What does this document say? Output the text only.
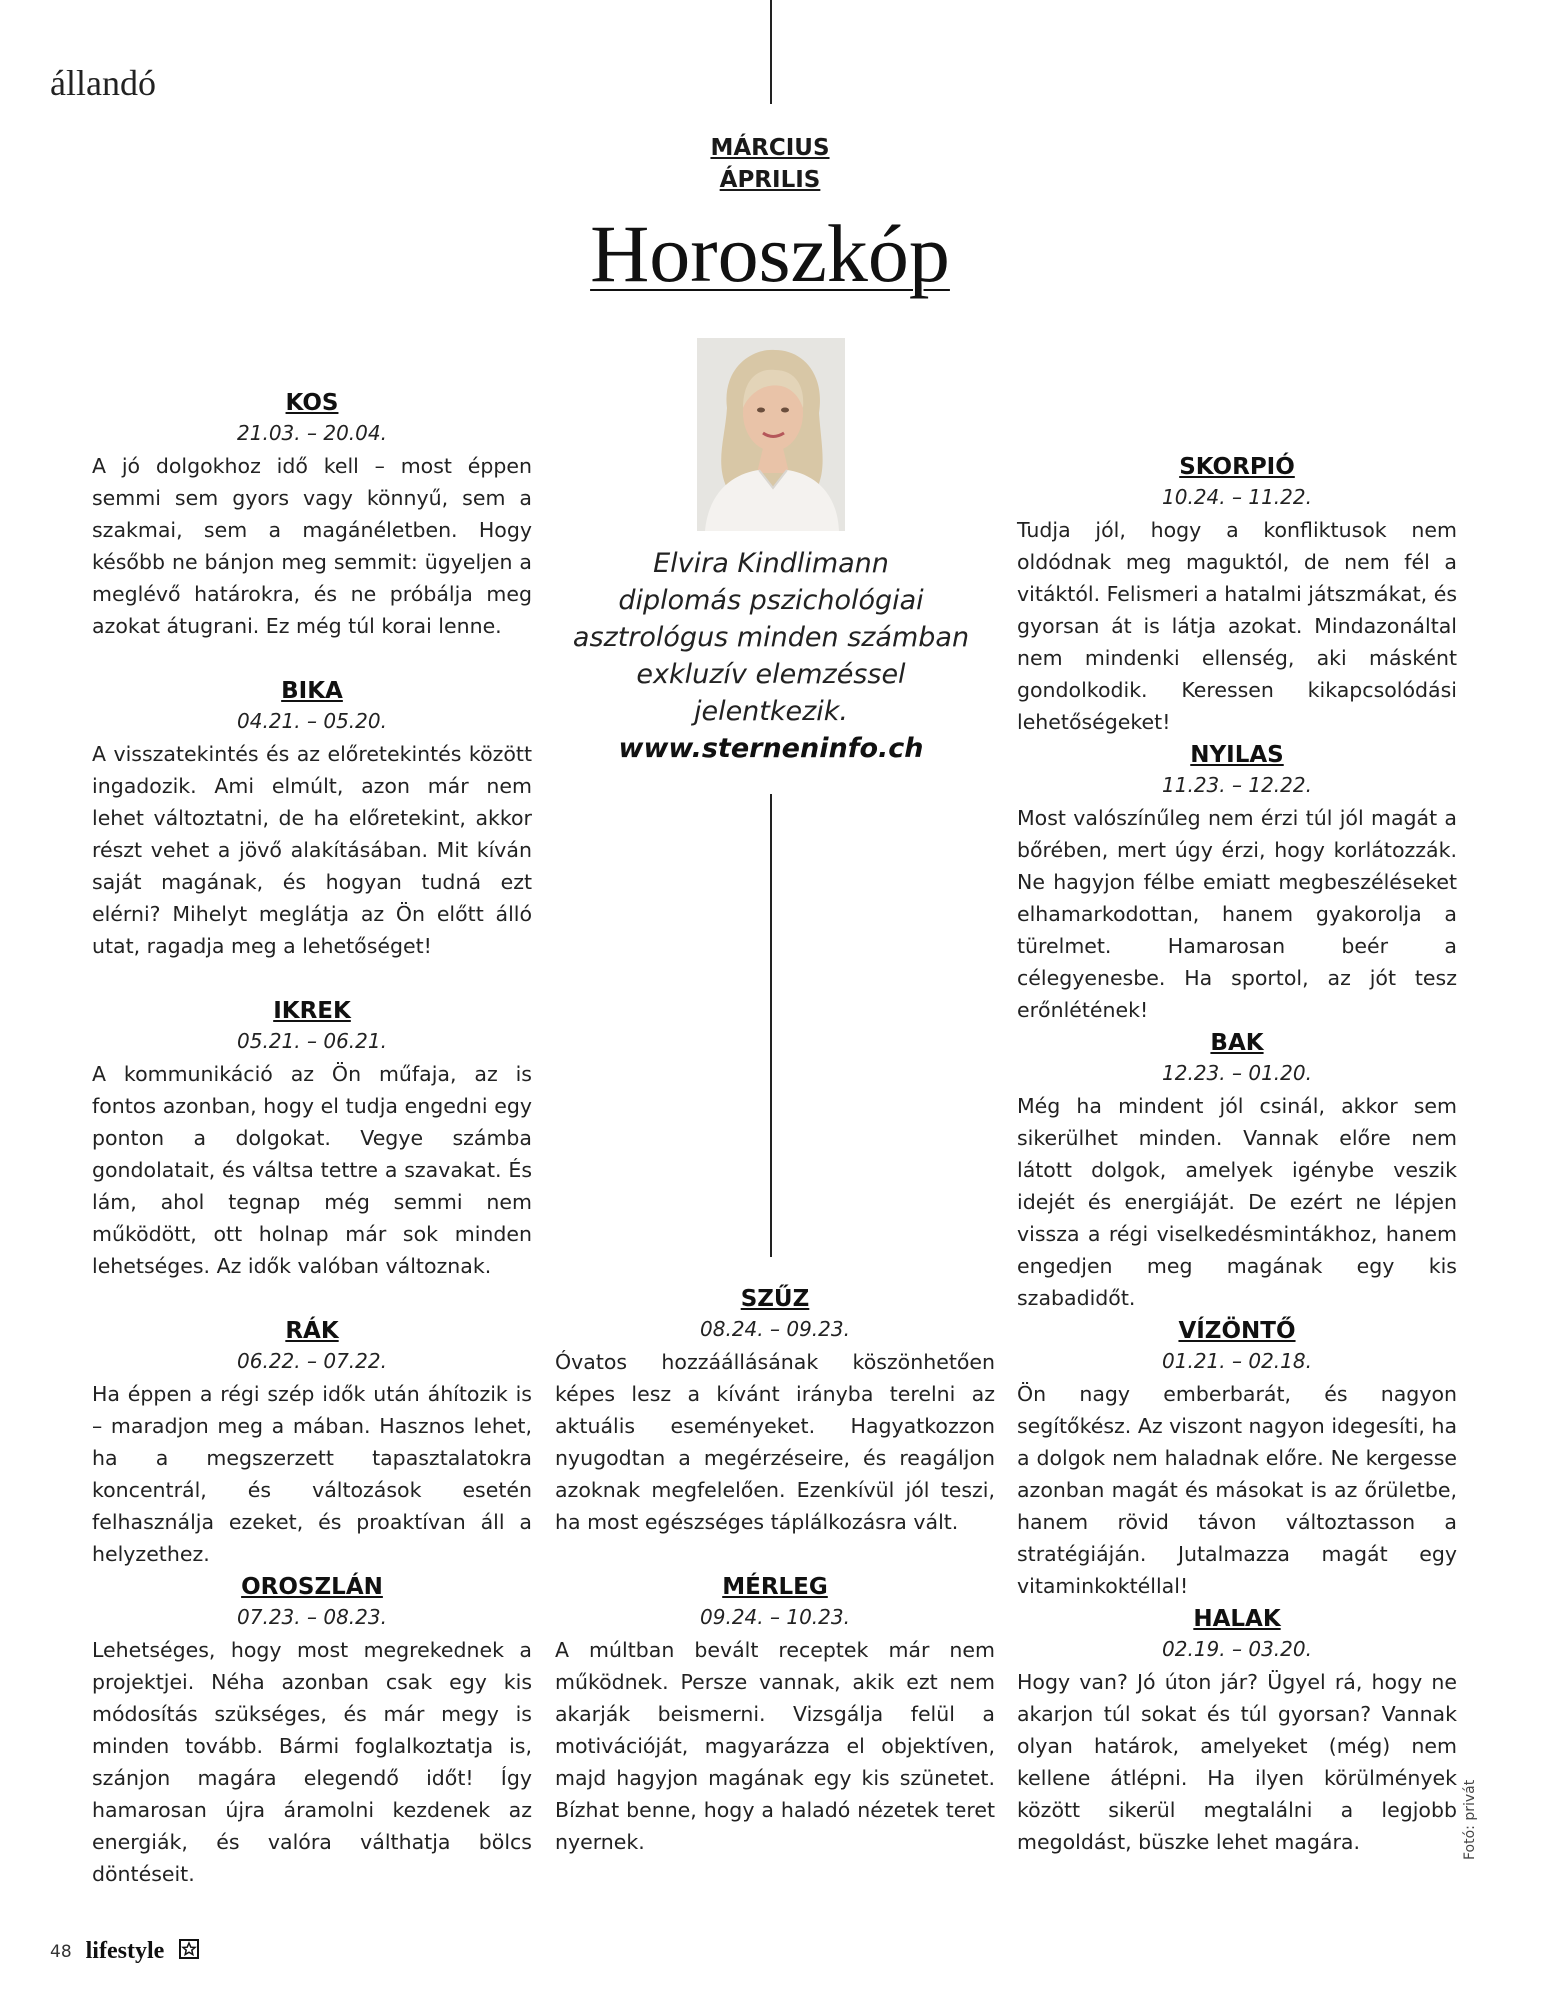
állandó
MÁRCIUS
ÁPRILIS
Horoszkóp
Elvira Kindlimann
diplomás pszichológiai
asztrológus minden számban
exkluzív elemzéssel
jelentkezik.
www.sterneninfo.ch
KOS
21.03. – 20.04.
A jó dolgokhoz idő kell – most éppen semmi sem gyors vagy könnyű, sem a szakmai, sem a magánéletben. Hogy később ne bánjon meg semmit: ügyeljen a meglévő határokra, és ne próbálja meg azokat átugrani. Ez még túl korai lenne.
BIKA
04.21. – 05.20.
A visszatekintés és az előretekintés között ingadozik. Ami elmúlt, azon már nem lehet változtatni, de ha előretekint, akkor részt vehet a jövő alakításában. Mit kíván saját magának, és hogyan tudná ezt elérni? Mihelyt meglátja az Ön előtt álló utat, ragadja meg a lehetőséget!
IKREK
05.21. – 06.21.
A kommunikáció az Ön műfaja, az is fontos azonban, hogy el tudja engedni egy ponton a dolgokat. Vegye számba gondolatait, és váltsa tettre a szavakat. És lám, ahol tegnap még semmi nem működött, ott holnap már sok minden lehetséges. Az idők valóban változnak.
RÁK
06.22. – 07.22.
Ha éppen a régi szép idők után áhítozik is – maradjon meg a mában. Hasznos lehet, ha a megszerzett tapasztalatokra koncentrál, és változások esetén felhasználja ezeket, és proaktívan áll a helyzethez.
OROSZLÁN
07.23. – 08.23.
Lehetséges, hogy most megrekednek a projektjei. Néha azonban csak egy kis módosítás szükséges, és már megy is minden tovább. Bármi foglalkoztatja is, szánjon magára elegendő időt! Így hamarosan újra áramolni kezdenek az energiák, és valóra válthatja bölcs döntéseit.
SZŰZ
08.24. – 09.23.
Óvatos hozzáállásának köszönhetően képes lesz a kívánt irányba terelni az aktuális eseményeket. Hagyatkozzon nyugodtan a megérzéseire, és reagáljon azoknak megfelelően. Ezenkívül jól teszi, ha most egészséges táplálkozásra vált.
MÉRLEG
09.24. – 10.23.
A múltban bevált receptek már nem működnek. Persze vannak, akik ezt nem akarják beismerni. Vizsgálja felül a motivációját, magyarázza el objektíven, majd hagyjon magának egy kis szünetet. Bízhat benne, hogy a haladó nézetek teret nyernek.
SKORPIÓ
10.24. – 11.22.
Tudja jól, hogy a konfliktusok nem oldódnak meg maguktól, de nem fél a vitáktól. Felismeri a hatalmi játszmákat, és gyorsan át is látja azokat. Mindazonáltal nem mindenki ellenség, aki másként gondolkodik. Keressen kikapcsolódási lehetőségeket!
NYILAS
11.23. – 12.22.
Most valószínűleg nem érzi túl jól magát a bőrében, mert úgy érzi, hogy korlátozzák. Ne hagyjon félbe emiatt megbeszéléseket elhamarkodottan, hanem gyakorolja a türelmet. Hamarosan beér a célegyenesbe. Ha sportol, az jót tesz erőnlétének!
BAK
12.23. – 01.20.
Még ha mindent jól csinál, akkor sem sikerülhet minden. Vannak előre nem látott dolgok, amelyek igénybe veszik idejét és energiáját. De ezért ne lépjen vissza a régi viselkedésmintákhoz, hanem engedjen meg magának egy kis szabadidőt.
VÍZÖNTŐ
01.21. – 02.18.
Ön nagy emberbarát, és nagyon segítőkész. Az viszont nagyon idegesíti, ha a dolgok nem haladnak előre. Ne kergesse azonban magát és másokat is az őrületbe, hanem rövid távon változtasson a stratégiáján. Jutalmazza magát egy vitaminkoktéllal!
HALAK
02.19. – 03.20.
Hogy van? Jó úton jár? Ügyel rá, hogy ne akarjon túl sokat és túl gyorsan? Vannak olyan határok, amelyeket (még) nem kellene átlépni. Ha ilyen körülmények között sikerül megtalálni a legjobb megoldást, büszke lehet magára.	Fotó: privát
48 lifestyle
